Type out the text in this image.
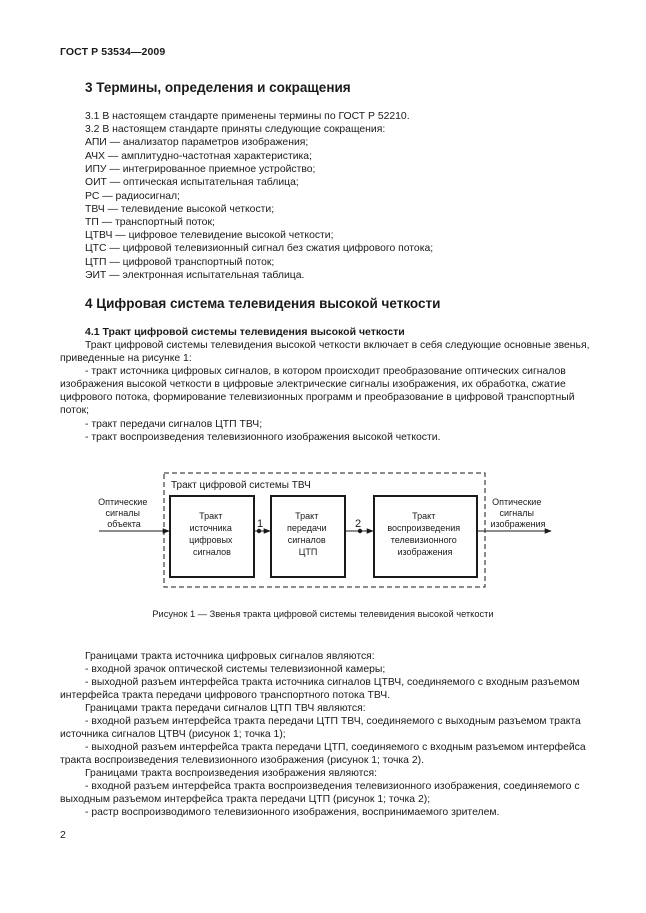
ГОСТ Р 53534—2009
3 Термины, определения и сокращения
3.1 В настоящем стандарте применены термины по ГОСТ Р 52210.
3.2 В настоящем стандарте приняты следующие сокращения:
АПИ — анализатор параметров изображения;
АЧХ — амплитудно-частотная характеристика;
ИПУ — интегрированное приемное устройство;
ОИТ — оптическая испытательная таблица;
РС — радиосигнал;
ТВЧ — телевидение высокой четкости;
ТП — транспортный поток;
ЦТВЧ — цифровое телевидение высокой четкости;
ЦТС — цифровой телевизионный сигнал без сжатия цифрового потока;
ЦТП — цифровой транспортный поток;
ЭИТ — электронная испытательная таблица.
4 Цифровая система телевидения высокой четкости
4.1 Тракт цифровой системы телевидения высокой четкости
Тракт цифровой системы телевидения высокой четкости включает в себя следующие основные звенья, приведенные на рисунке 1:
- тракт источника цифровых сигналов, в котором происходит преобразование оптических сигналов изображения высокой четкости в цифровые электрические сигналы изображения, их обработка, сжатие цифрового потока, формирование телевизионных программ и преобразование в цифровой транспортный поток;
- тракт передачи сигналов ЦТП ТВЧ;
- тракт воспроизведения телевизионного изображения высокой четкости.
Тракт цифровой системы ТВЧ
Тракт источника цифровых сигналов
Тракт передачи сигналов ЦТП
Тракт воспроизведения телевизионного изображения
1	2
Оптические сигналы объекта
Оптические сигналы изображения
Рисунок 1 — Звенья тракта цифровой системы телевидения высокой четкости
Границами тракта источника цифровых сигналов являются:
- входной зрачок оптической системы телевизионной камеры;
- выходной разъем интерфейса тракта источника сигналов ЦТВЧ, соединяемого с входным разъемом интерфейса тракта передачи цифрового транспортного потока ТВЧ.
Границами тракта передачи сигналов ЦТП ТВЧ являются:
- входной разъем интерфейса тракта передачи ЦТП ТВЧ, соединяемого с выходным разъемом тракта источника сигналов ЦТВЧ (рисунок 1; точка 1);
- выходной разъем интерфейса тракта передачи ЦТП, соединяемого с входным разъемом интерфейса тракта воспроизведения телевизионного изображения (рисунок 1; точка 2).
Границами тракта воспроизведения изображения являются:
- входной разъем интерфейса тракта воспроизведения телевизионного изображения, соединяемого с выходным разъемом интерфейса тракта передачи ЦТП (рисунок 1; точка 2);
- растр воспроизводимого телевизионного изображения, воспринимаемого зрителем.
2
